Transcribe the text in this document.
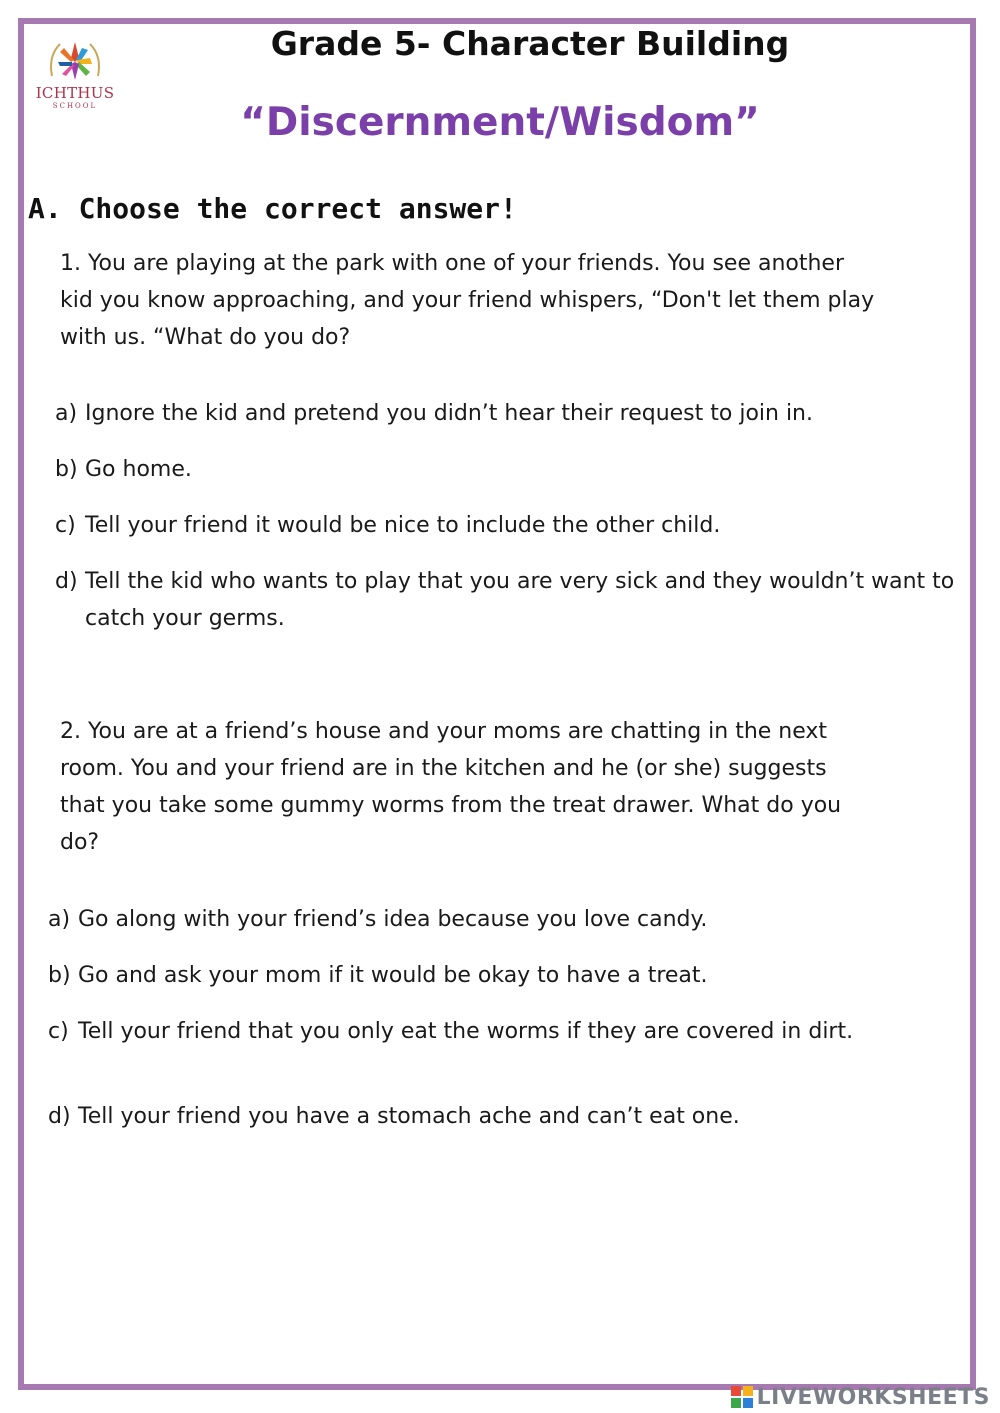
ICHTHUS
SCHOOL
Grade 5- Character Building
“Discernment/Wisdom”
A. Choose the correct answer!
1. You are playing at the park with one of your friends. You see another
kid you know approaching, and your friend whispers, “Don't let them play
with us. “What do you do?
a) Ignore the kid and pretend you didn’t hear their request to join in.
b) Go home.
c) Tell your friend it would be nice to include the other child.
d) Tell the kid who wants to play that you are very sick and they wouldn’t want to catch your germs.
2. You are at a friend’s house and your moms are chatting in the next
room. You and your friend are in the kitchen and he (or she) suggests
that you take some gummy worms from the treat drawer. What do you
do?
a) Go along with your friend’s idea because you love candy.
b) Go and ask your mom if it would be okay to have a treat.
c) Tell your friend that you only eat the worms if they are covered in dirt.
d) Tell your friend you have a stomach ache and can’t eat one.
LIVEWORKSHEETS
